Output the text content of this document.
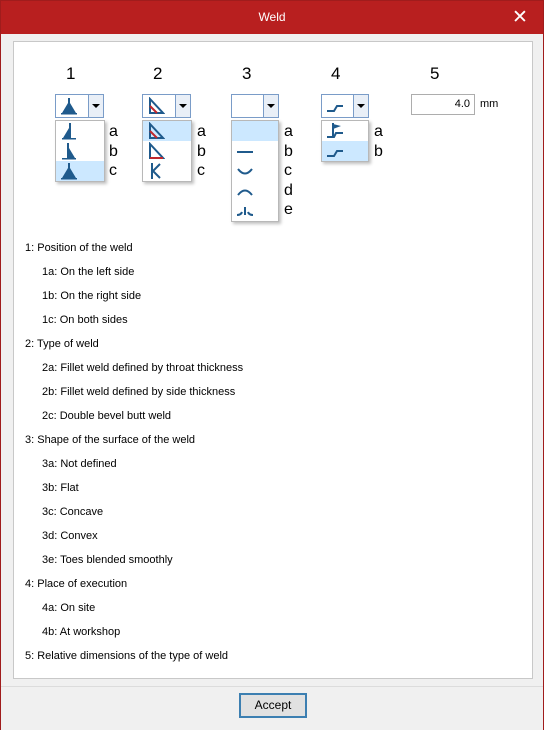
Weld	✕
1	2	3	4	5
a
b
c
a
b
c
a
b
c
d
e
a
b
4.0 mm
1: Position of the weld
1a: On the left side
1b: On the right side
1c: On both sides
2: Type of weld
2a: Fillet weld defined by throat thickness
2b: Fillet weld defined by side thickness
2c: Double bevel butt weld
3: Shape of the surface of the weld
3a: Not defined
3b: Flat
3c: Concave
3d: Convex
3e: Toes blended smoothly
4: Place of execution
4a: On site
4b: At workshop
5: Relative dimensions of the type of weld
Accept
